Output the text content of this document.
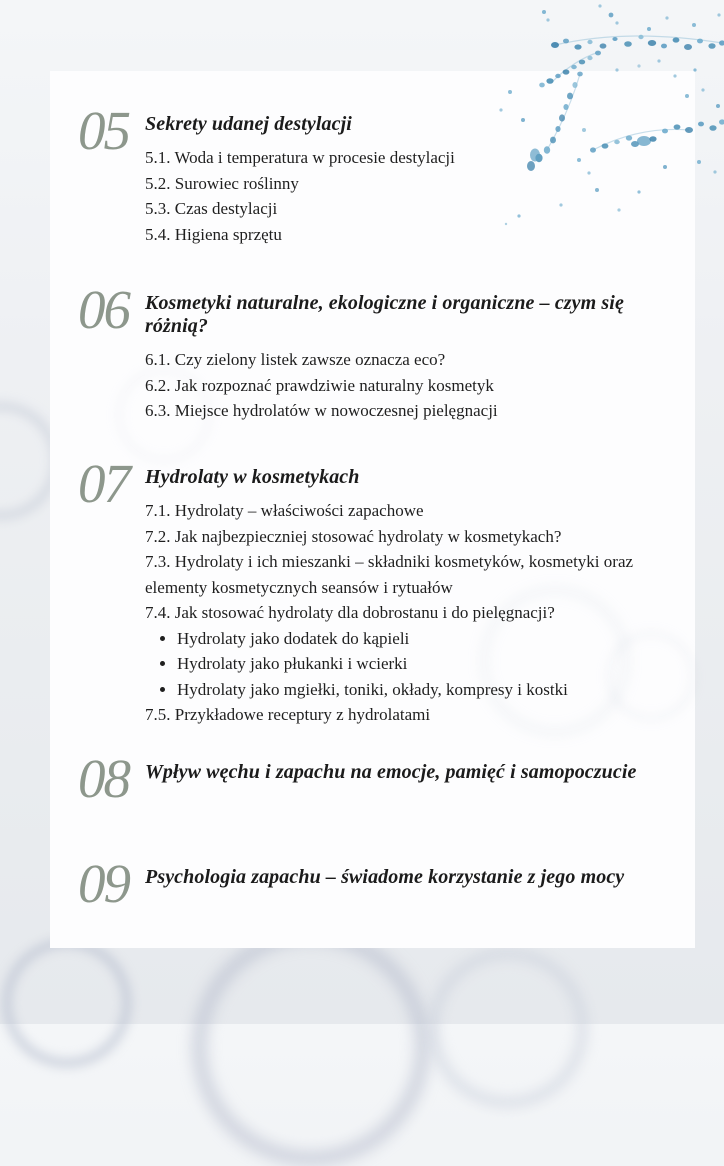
05 Sekrety udanej destylacji
5.1. Woda i temperatura w procesie destylacji
5.2. Surowiec roślinny
5.3. Czas destylacji
5.4. Higiena sprzętu
06 Kosmetyki naturalne, ekologiczne i organiczne – czym się różnią?
6.1. Czy zielony listek zawsze oznacza eco?
6.2. Jak rozpoznać prawdziwie naturalny kosmetyk
6.3. Miejsce hydrolatów w nowoczesnej pielęgnacji
07 Hydrolaty w kosmetykach
7.1. Hydrolaty – właściwości zapachowe
7.2. Jak najbezpieczniej stosować hydrolaty w kosmetykach?
7.3. Hydrolaty i ich mieszanki – składniki kosmetyków, kosmetyki oraz elementy kosmetycznych seansów i rytuałów
7.4. Jak stosować hydrolaty dla dobrostanu i do pielęgnacji?
Hydrolaty jako dodatek do kąpieli
Hydrolaty jako płukanki i wcierki
Hydrolaty jako mgiełki, toniki, okłady, kompresy i kostki
7.5. Przykładowe receptury z hydrolatami
08 Wpływ węchu i zapachu na emocje, pamięć i samopoczucie
09 Psychologia zapachu – świadome korzystanie z jego mocy
